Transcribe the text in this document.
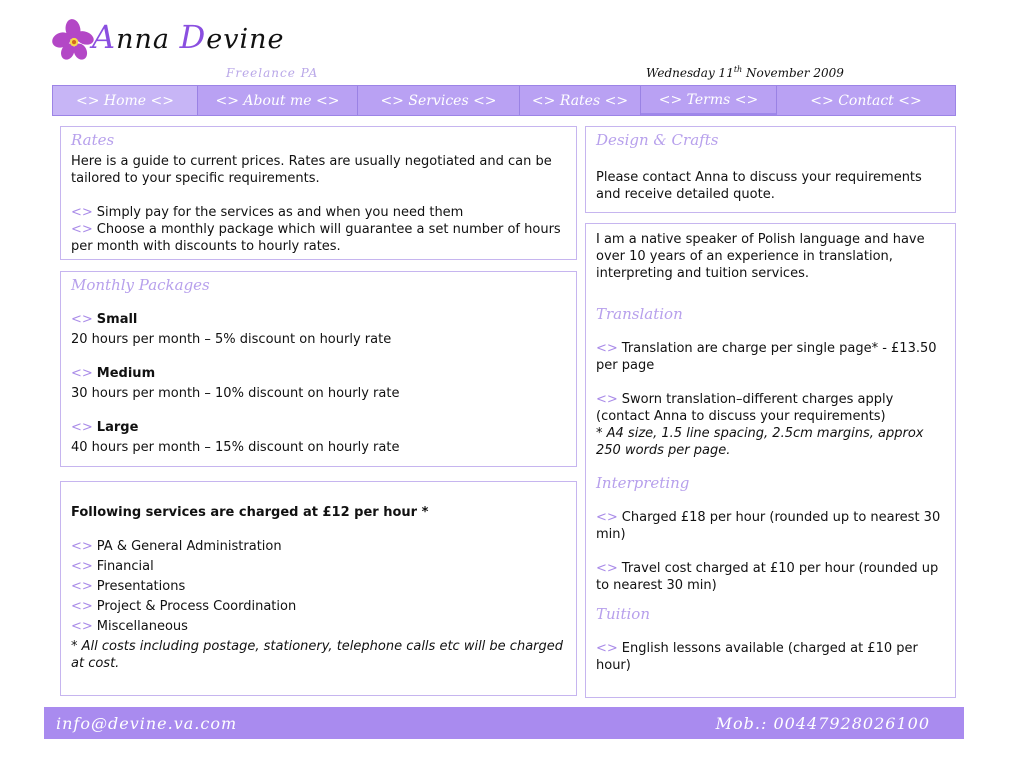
Anna Devine
Freelance PA	Wednesday 11th November 2009
<> Home <>	<> About me <>	<> Services <>	<> Rates <>	<> Terms <>	<> Contact <>
Rates

Here is a guide to current prices. Rates are usually negotiated and can be tailored to your specific requirements.

<> Simply pay for the services as and when you need them

<> Choose a monthly package which will guarantee a set number of hours per month with discounts to hourly rates.

Monthly Packages

<> Small

20 hours per month – 5% discount on hourly rate

<> Medium

30 hours per month – 10% discount on hourly rate

<> Large

40 hours per month – 15% discount on hourly rate

Following services are charged at £12 per hour *

<> PA & General Administration

<> Financial

<> Presentations

<> Project & Process Coordination

<> Miscellaneous

* All costs including postage, stationery, telephone calls etc will be charged at cost.

Design & Crafts

Please contact Anna to discuss your requirements and receive detailed quote.

I am a native speaker of Polish language and have over 10 years of an experience in translation, interpreting and tuition services.

Translation

<> Translation are charge per single page* - £13.50 per page

<> Sworn translation–different charges apply (contact Anna to discuss your requirements)

* A4 size, 1.5 line spacing, 2.5cm margins, approx 250 words per page.

Interpreting

<> Charged £18 per hour (rounded up to nearest 30 min)

<> Travel cost charged at £10 per hour (rounded up to nearest 30 min)

Tuition

<> English lessons available (charged at £10 per hour)

info@devine.va.com	Mob.: 00447928026100
